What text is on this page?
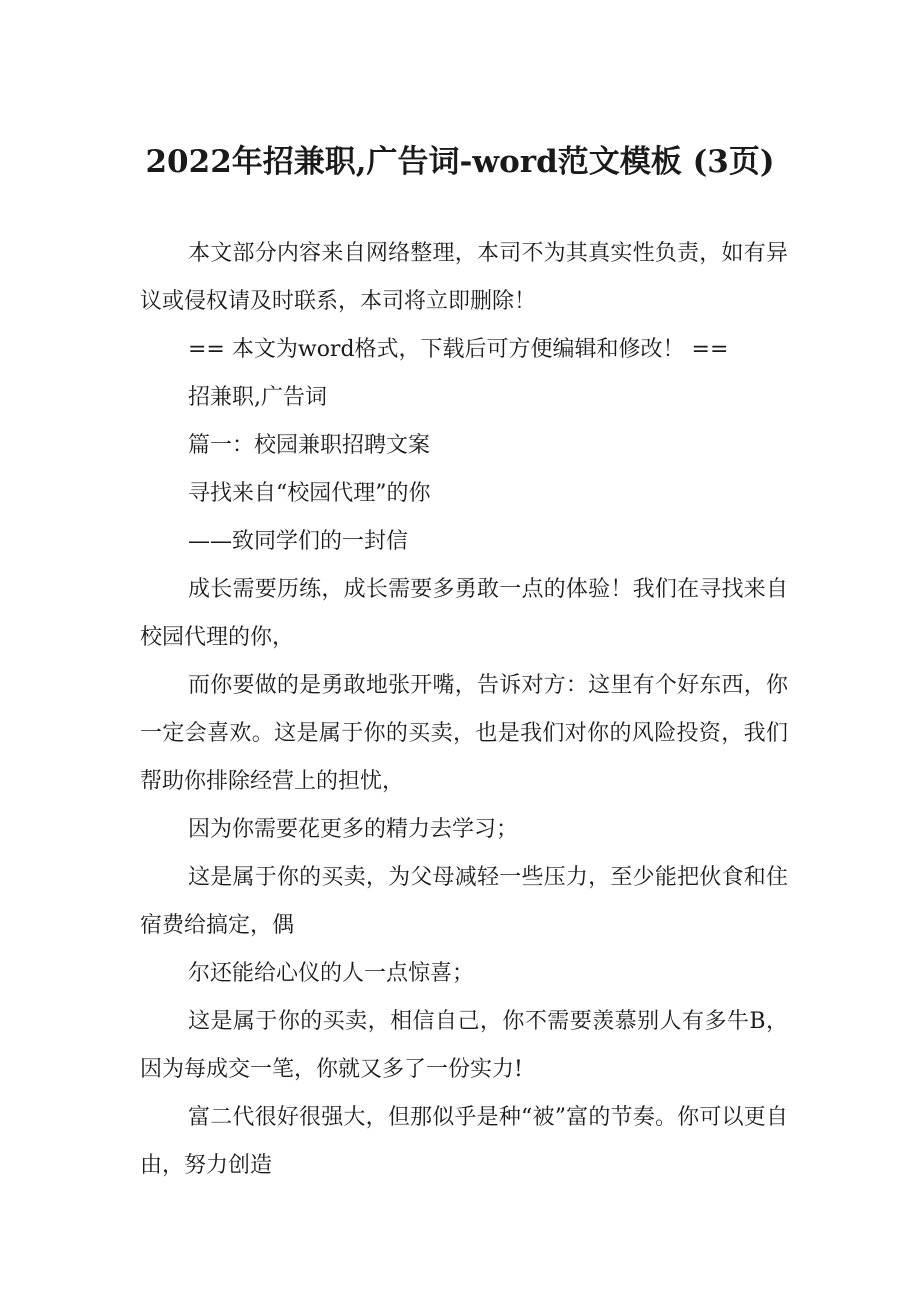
2022年招兼职,广告词-word范文模板 (3页)

本文部分内容来自网络整理，本司不为其真实性负责，如有异议或侵权请及时联系，本司将立即删除！

== 本文为word格式，下载后可方便编辑和修改！ ==

招兼职,广告词

篇一：校园兼职招聘文案

寻找来自“校园代理”的你

——致同学们的一封信

成长需要历练，成长需要多勇敢一点的体验！我们在寻找来自校园代理的你，

而你要做的是勇敢地张开嘴，告诉对方：这里有个好东西，你一定会喜欢。这是属于你的买卖，也是我们对你的风险投资，我们帮助你排除经营上的担忧，

因为你需要花更多的精力去学习；

这是属于你的买卖，为父母减轻一些压力，至少能把伙食和住宿费给搞定，偶

尔还能给心仪的人一点惊喜；

这是属于你的买卖，相信自己，你不需要羡慕别人有多牛B，因为每成交一笔，你就又多了一份实力!

富二代很好很强大，但那似乎是种“被”富的节奏。你可以更自由，努力创造
